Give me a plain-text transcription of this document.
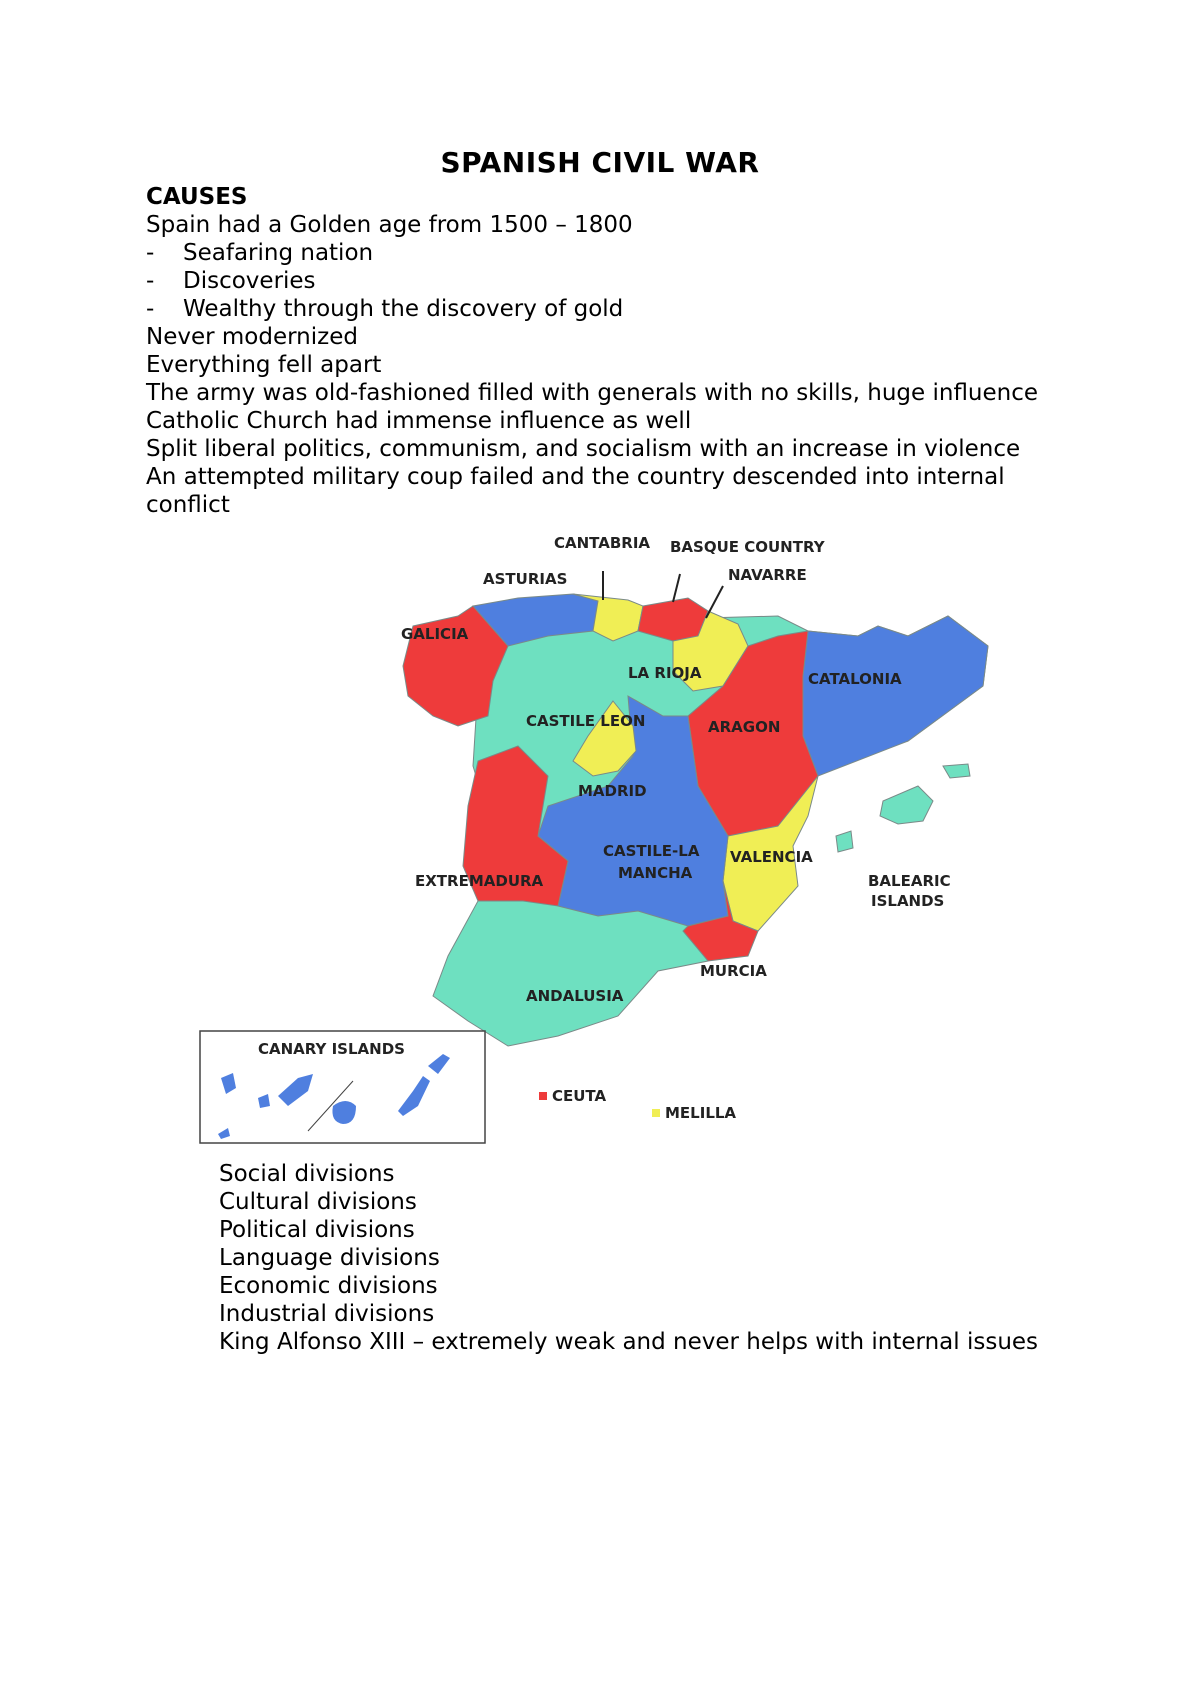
SPANISH CIVIL WAR

CAUSES

Spain had a Golden age from 1500 – 1800

-	Seafaring nation
-	Discoveries
-	Wealthy through the discovery of gold

Never modernized

Everything fell apart

The army was old-fashioned filled with generals with no skills, huge influence

Catholic Church had immense influence as well

Split liberal politics, communism, and socialism with an increase in violence

An attempted military coup failed and the country descended into internal conflict

CANTABRIA BASQUE COUNTRY
ASTURIAS	NAVARRE
GALICIA
LA RIOJA	CATALONIA
CASTILE LEON	ARAGON
MADRID
CASTILE-LA
MANCHA
VALENCIA
EXTREMADURA	BALEARIC
ISLANDS
MURCIA
ANDALUSIA
CANARY ISLANDS
CEUTA
MELILLA

Social divisions

Cultural divisions

Political divisions

Language divisions

Economic divisions

Industrial divisions

King Alfonso XIII – extremely weak and never helps with internal issues
